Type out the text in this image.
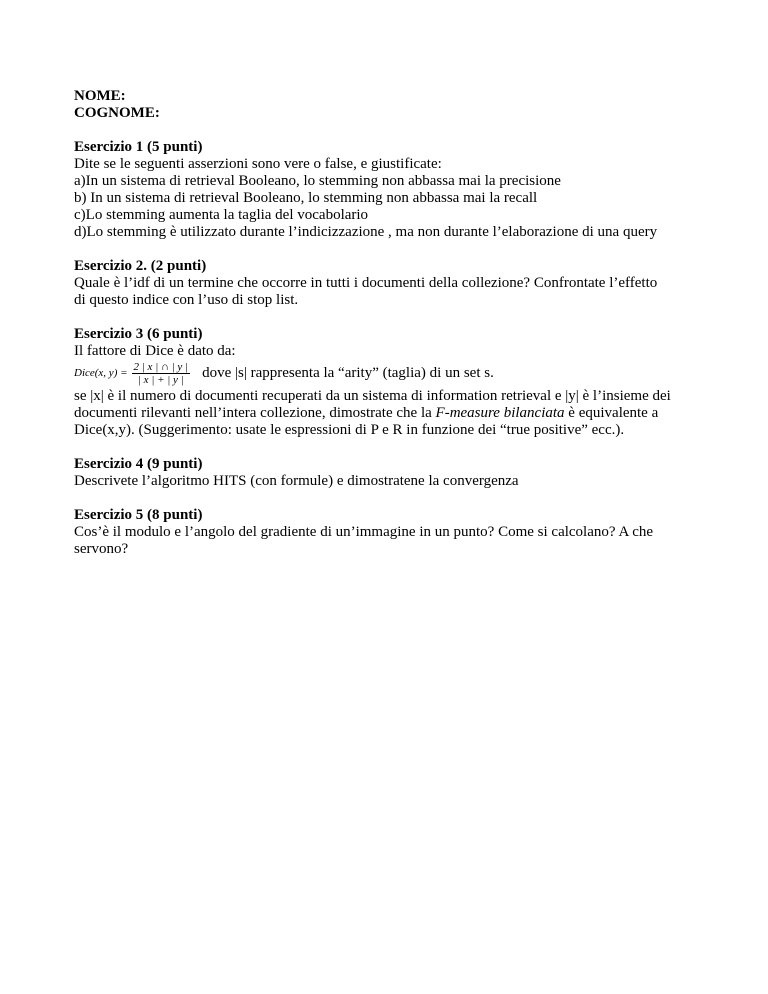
NOME:
COGNOME:
Esercizio 1 (5 punti)
Dite se le seguenti asserzioni sono vere o false, e giustificate:
a)In un sistema di retrieval Booleano, lo stemming non abbassa mai la precisione
b) In un sistema di retrieval Booleano, lo stemming non abbassa mai la recall
c)Lo stemming aumenta la taglia del vocabolario
d)Lo stemming è utilizzato durante l’indicizzazione , ma non durante l’elaborazione di una query
Esercizio 2. (2 punti)
Quale è l’idf di un termine che occorre in tutti i documenti della collezione? Confrontate l’effetto
di questo indice con l’uso di stop list.
Esercizio 3 (6 punti)
Il fattore di Dice è dato da:
Dice(x, $y) = \frac{2 | x | \cap | y |}{| x | + | y |}$ dove |s| rappresenta la “arity” (taglia) di un set s.
se |x| è il numero di documenti recuperati da un sistema di information retrieval e |y| è l’insieme dei
documenti rilevanti nell’intera collezione, dimostrate che la F-measure bilanciata è equivalente a
Dice(x,y). (Suggerimento: usate le espressioni di P e R in funzione dei “true positive” ecc.).
Esercizio 4 (9 punti)
Descrivete l’algoritmo HITS (con formule) e dimostratene la convergenza
Esercizio 5 (8 punti)
Cos’è il modulo e l’angolo del gradiente di un’immagine in un punto? Come si calcolano? A che
servono?
